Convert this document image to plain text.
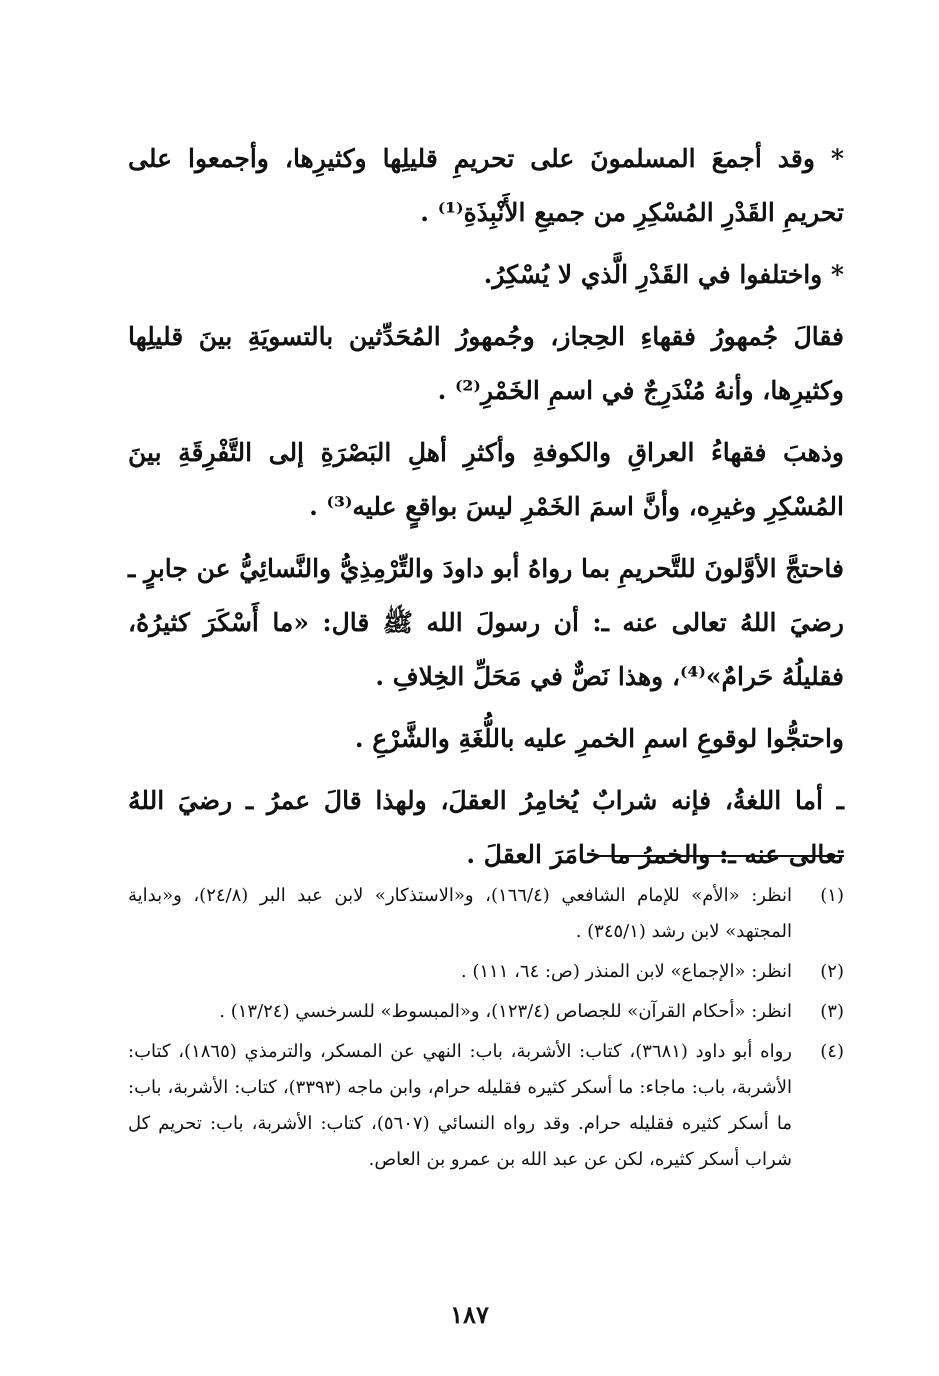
* وقد أجمعَ المسلمونَ على تحريمِ قليلِها وكثيرِها، وأجمعوا على تحريمِ القَدْرِ المُسْكِرِ من جميعِ الأَنْبِذَةِ⁽¹⁾ .

* واختلفوا في القَدْرِ الَّذي لا يُسْكِرُ.

فقالَ جُمهورُ فقهاءِ الحِجاز، وجُمهورُ المُحَدِّثين بالتسويَةِ بينَ قليلِها وكثيرِها، وأنهُ مُنْدَرِجٌ في اسمِ الخَمْرِ⁽²⁾ .

وذهبَ فقهاءُ العراقِ والكوفةِ وأكثرِ أهلِ البَصْرَةِ إلى التَّفْرِقَةِ بينَ المُسْكِرِ وغيرِه، وأنَّ اسمَ الخَمْرِ ليسَ بواقعٍ عليه⁽³⁾ .

فاحتجَّ الأوَّلونَ للتَّحريمِ بما رواهُ أبو داودَ والتِّرْمِذِيُّ والنَّسائِيُّ عن جابرٍ ـ رضيَ اللهُ تعالى عنه ـ: أن رسولَ الله ﷺ قال: «ما أَسْكَرَ كثيرُهُ، فقليلُهُ حَرامٌ»⁽⁴⁾، وهذا نَصٌّ في مَحَلِّ الخِلافِ .

واحتجُّوا لوقوعِ اسمِ الخمرِ عليه باللُّغَةِ والشَّرْعِ .

ـ أما اللغةُ، فإنه شرابٌ يُخامِرُ العقلَ، ولهذا قالَ عمرُ ـ رضيَ اللهُ تعالى عنه ـ: والخمرُ ما خامَرَ العقلَ .

(١)
انظر: «الأم» للإمام الشافعي (١٦٦/٤)، و«الاستذكار» لابن عبد البر (٢٤/٨)، و«بداية المجتهد» لابن رشد (٣٤٥/١) .
(٢)
انظر: «الإجماع» لابن المنذر (ص: ٦٤، ١١١) .
(٣)
انظر: «أحكام القرآن» للجصاص (١٢٣/٤)، و«المبسوط» للسرخسي (١٣/٢٤) .
(٤)
رواه أبو داود (٣٦٨١)، كتاب: الأشربة، باب: النهي عن المسكر، والترمذي (١٨٦٥)، كتاب: الأشربة، باب: ماجاء: ما أسكر كثيره فقليله حرام، وابن ماجه (٣٣٩٣)، كتاب: الأشربة، باب: ما أسكر كثيره فقليله حرام. وقد رواه النسائي (٥٦٠٧)، كتاب: الأشربة، باب: تحريم كل شراب أسكر كثيره، لكن عن عبد الله بن عمرو بن العاص.
١٨٧
